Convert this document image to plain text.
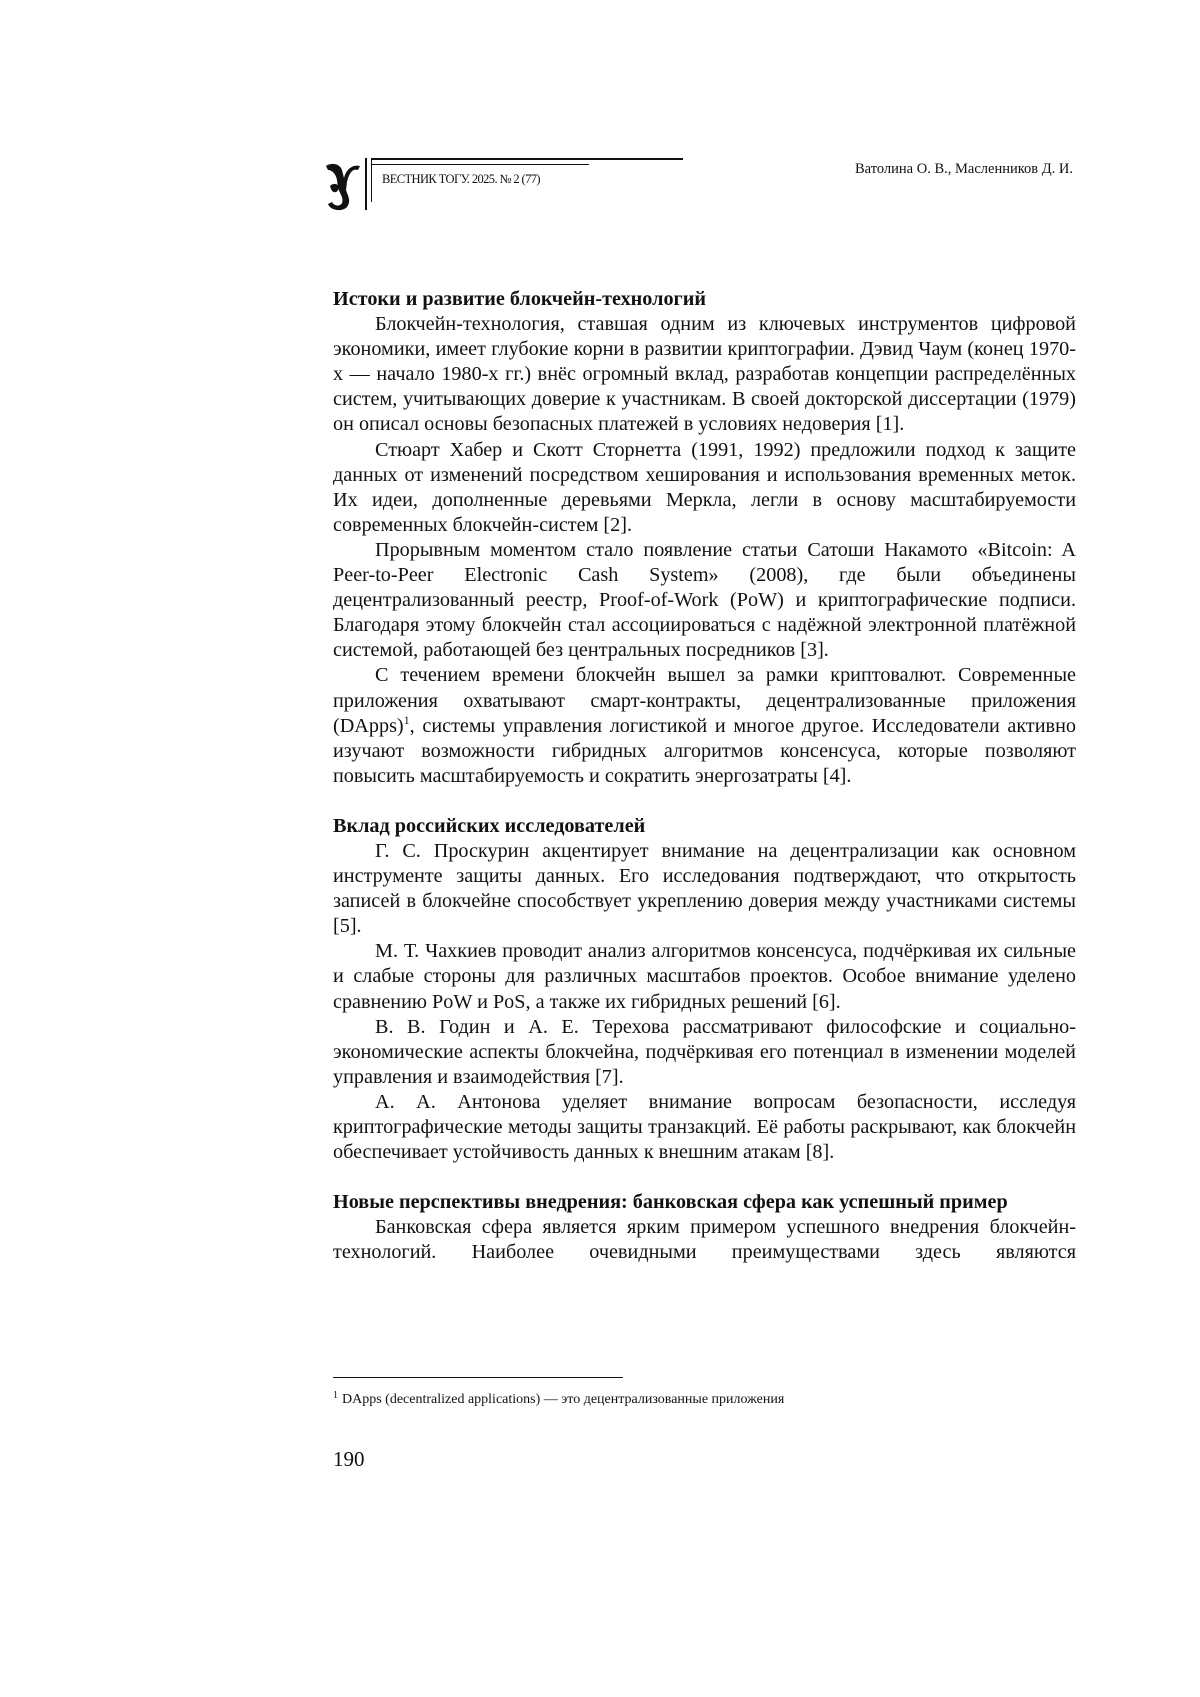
ВЕСТНИК ТОГУ. 2025. № 2 (77)
Ватолина О. В., Масленников Д. И.
Истоки и развитие блокчейн-технологий

Блокчейн-технология, ставшая одним из ключевых инструментов цифровой экономики, имеет глубокие корни в развитии криптографии. Дэвид Чаум (конец 1970-х — начало 1980-х гг.) внёс огромный вклад, разработав концепции распределённых систем, учитывающих доверие к участникам. В своей докторской диссертации (1979) он описал основы безопасных платежей в условиях недоверия [1].

Стюарт Хабер и Скотт Сторнетта (1991, 1992) предложили подход к защите данных от изменений посредством хеширования и использования временных меток. Их идеи, дополненные деревьями Меркла, легли в основу масштабируемости современных блокчейн-систем [2].

Прорывным моментом стало появление статьи Сатоши Накамото «Bitcoin: A Peer-to-Peer Electronic Cash System» (2008), где были объединены децентрализованный реестр, Proof-of-Work (PoW) и криптографические подписи. Благодаря этому блокчейн стал ассоциироваться с надёжной электронной платёжной системой, работающей без центральных посредников [3].

С течением времени блокчейн вышел за рамки криптовалют. Современные приложения охватывают смарт-контракты, децентрализованные приложения (DApps)$^1$, системы управления логистикой и многое другое. Исследователи активно изучают возможности гибридных алгоритмов консенсуса, которые позволяют повысить масштабируемость и сократить энергозатраты [4].

Вклад российских исследователей

Г. С. Проскурин акцентирует внимание на децентрализации как основном инструменте защиты данных. Его исследования подтверждают, что открытость записей в блокчейне способствует укреплению доверия между участниками системы [5].

М. Т. Чахкиев проводит анализ алгоритмов консенсуса, подчёркивая их сильные и слабые стороны для различных масштабов проектов. Особое внимание уделено сравнению PoW и PoS, а также их гибридных решений [6].

В. В. Годин и А. Е. Терехова рассматривают философские и социально-экономические аспекты блокчейна, подчёркивая его потенциал в изменении моделей управления и взаимодействия [7].

А. А. Антонова уделяет внимание вопросам безопасности, исследуя криптографические методы защиты транзакций. Её работы раскрывают, как блокчейн обеспечивает устойчивость данных к внешним атакам [8].

Новые перспективы внедрения: банковская сфера как успешный пример

Банковская сфера является ярким примером успешного внедрения блокчейн-технологий. Наиболее очевидными преимуществами здесь являются

$^1$ DApps (decentralized applications) — это децентрализованные приложения
190
